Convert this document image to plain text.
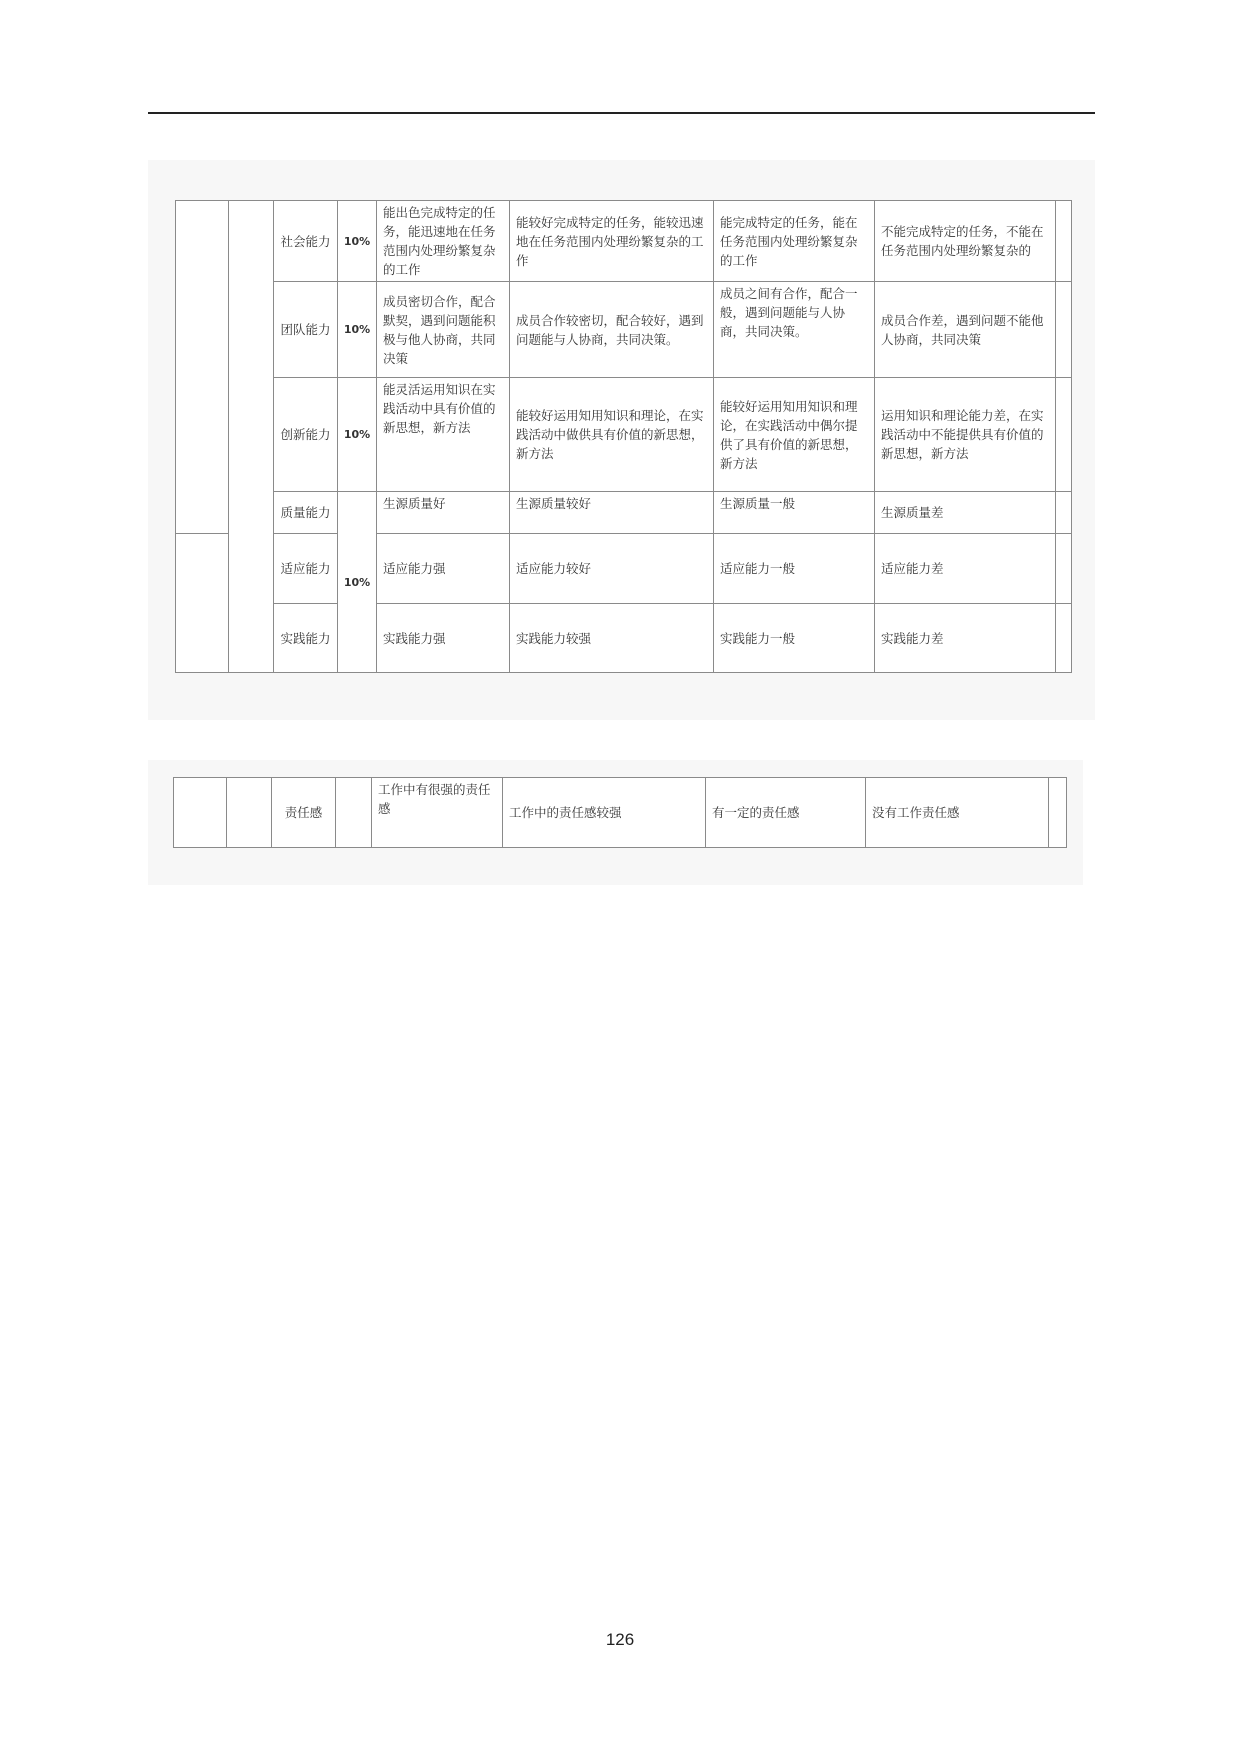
		社会能力	10%	能出色完成特定的任务，能迅速地在任务范围内处理纷繁复杂的工作	能较好完成特定的任务，能较迅速地在任务范围内处理纷繁复杂的工作	能完成特定的任务，能在任务范围内处理纷繁复杂的工作	不能完成特定的任务，不能在任务范围内处理纷繁复杂的	
		团队能力	10%	成员密切合作，配合默契，遇到问题能积极与他人协商，共同决策	成员合作较密切，配合较好，遇到问题能与人协商，共同决策。	成员之间有合作，配合一般，遇到问题能与人协商，共同决策。	成员合作差，遇到问题不能他人协商，共同决策	
		创新能力	10%	能灵活运用知识在实践活动中具有价值的新思想，新方法	能较好运用知用知识和理论，在实践活动中做供具有价值的新思想，新方法	能较好运用知用知识和理论，在实践活动中偶尔提供了具有价值的新思想，新方法	运用知识和理论能力差，在实践活动中不能提供具有价值的新思想，新方法	
		质量能力	10%	生源质量好	生源质量较好	生源质量一般	生源质量差	
		适应能力		适应能力强	适应能力较好	适应能力一般	适应能力差	
		实践能力		实践能力强	实践能力较强	实践能力一般	实践能力差	
		责任感		工作中有很强的责任感	工作中的责任感较强	有一定的责任感	没有工作责任感	
126
